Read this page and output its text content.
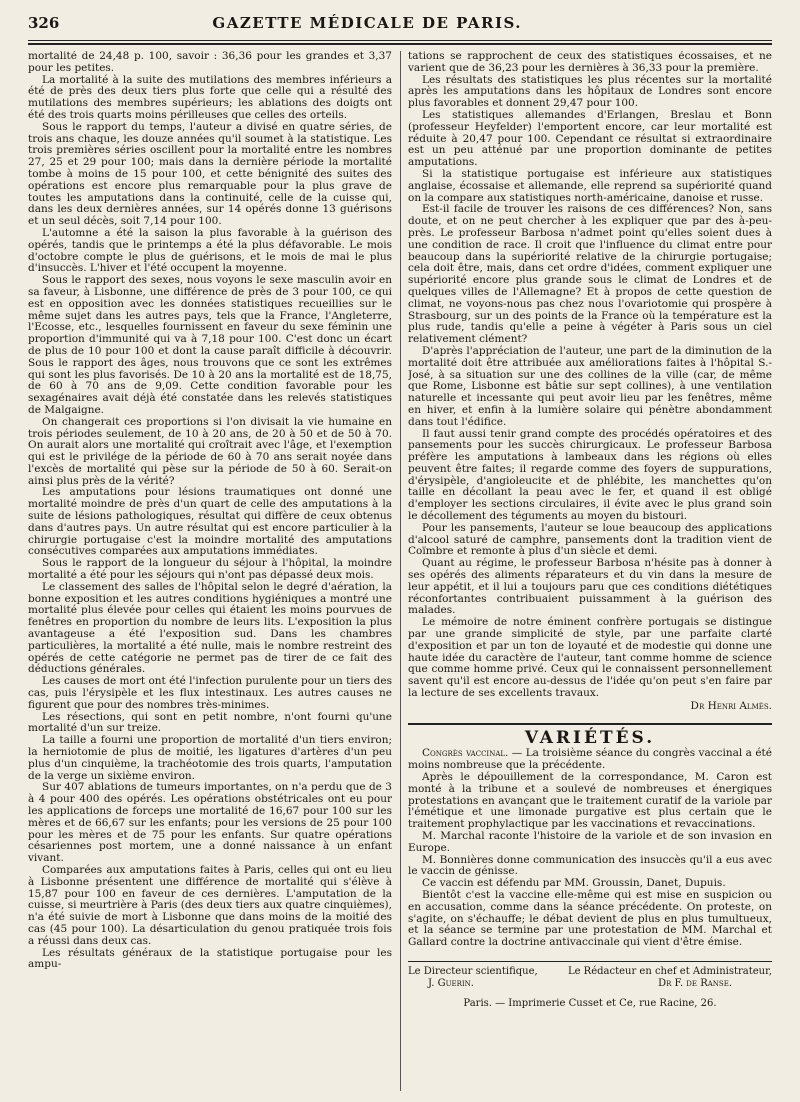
326	GAZETTE MÉDICALE DE PARIS.

mortalité de 24,48 p. 100, savoir : 36,36 pour les grandes et 3,37 pour les petites.

La mortalité à la suite des mutilations des membres inférieurs a été de près des deux tiers plus forte que celle qui a résulté des mutilations des membres supérieurs; les ablations des doigts ont été des trois quarts moins périlleuses que celles des orteils.

Sous le rapport du temps, l'auteur a divisé en quatre séries, de trois ans chaque, les douze années qu'il soumet à la statistique. Les trois premières séries oscillent pour la mortalité entre les nombres 27, 25 et 29 pour 100; mais dans la dernière période la mortalité tombe à moins de 15 pour 100, et cette bénignité des suites des opérations est encore plus remarquable pour la plus grave de toutes les amputations dans la continuité, celle de la cuisse qui, dans les deux dernières années, sur 14 opérés donne 13 guérisons et un seul décès, soit 7,14 pour 100.

L'automne a été la saison la plus favorable à la guérison des opérés, tandis que le printemps a été la plus défavorable. Le mois d'octobre compte le plus de guérisons, et le mois de mai le plus d'insuccès. L'hiver et l'été occupent la moyenne.

Sous le rapport des sexes, nous voyons le sexe masculin avoir en sa faveur, à Lisbonne, une différence de près de 3 pour 100, ce qui est en opposition avec les données statistiques recueillies sur le même sujet dans les autres pays, tels que la France, l'Angleterre, l'Ecosse, etc., lesquelles fournissent en faveur du sexe féminin une proportion d'immunité qui va à 7,18 pour 100. C'est donc un écart de plus de 10 pour 100 et dont la cause paraît difficile à découvrir. Sous le rapport des âges, nous trouvons que ce sont les extrêmes qui sont les plus favorisés. De 10 à 20 ans la mortalité est de 18,75, de 60 à 70 ans de 9,09. Cette condition favorable pour les sexagénaires avait déjà été constatée dans les relevés statistiques de Malgaigne.

On changerait ces proportions si l'on divisait la vie humaine en trois périodes seulement, de 10 à 20 ans, de 20 à 50 et de 50 à 70. On aurait alors une mortalité qui croîtrait avec l'âge, et l'exemption qui est le privilége de la période de 60 à 70 ans serait noyée dans l'excès de mortalité qui pèse sur la période de 50 à 60. Serait-on ainsi plus près de la vérité?

Les amputations pour lésions traumatiques ont donné une mortalité moindre de près d'un quart de celle des amputations à la suite de lésions pathologiques, résultat qui diffère de ceux obtenus dans d'autres pays. Un autre résultat qui est encore particulier à la chirurgie portugaise c'est la moindre mortalité des amputations consécutives comparées aux amputations immédiates.

Sous le rapport de la longueur du séjour à l'hôpital, la moindre mortalité a été pour les séjours qui n'ont pas dépassé deux mois.

Le classement des salles de l'hôpital selon le degré d'aération, la bonne exposition et les autres conditions hygiéniques a montré une mortalité plus élevée pour celles qui étaient les moins pourvues de fenêtres en proportion du nombre de leurs lits. L'exposition la plus avantageuse a été l'exposition sud. Dans les chambres particulières, la mortalité a été nulle, mais le nombre restreint des opérés de cette catégorie ne permet pas de tirer de ce fait des déductions générales.

Les causes de mort ont été l'infection purulente pour un tiers des cas, puis l'érysipèle et les flux intestinaux. Les autres causes ne figurent que pour des nombres très-minimes.

Les résections, qui sont en petit nombre, n'ont fourni qu'une mortalité d'un sur treize.

La taille a fourni une proportion de mortalité d'un tiers environ; la herniotomie de plus de moitié, les ligatures d'artères d'un peu plus d'un cinquième, la trachéotomie des trois quarts, l'amputation de la verge un sixième environ.

Sur 407 ablations de tumeurs importantes, on n'a perdu que de 3 à 4 pour 400 des opérés. Les opérations obstétricales ont eu pour les applications de forceps une mortalité de 16,67 pour 100 sur les mères et de 66,67 sur les enfants; pour les versions de 25 pour 100 pour les mères et de 75 pour les enfants. Sur quatre opérations césariennes post mortem, une a donné naissance à un enfant vivant.

Comparées aux amputations faites à Paris, celles qui ont eu lieu à Lisbonne présentent une différence de mortalité qui s'élève à 15,87 pour 100 en faveur de ces dernières. L'amputation de la cuisse, si meurtrière à Paris (des deux tiers aux quatre cinquièmes), n'a été suivie de mort à Lisbonne que dans moins de la moitié des cas (45 pour 100). La désarticulation du genou pratiquée trois fois a réussi dans deux cas.

Les résultats généraux de la statistique portugaise pour les ampu-

tations se rapprochent de ceux des statistiques écossaises, et ne varient que de 36,23 pour les dernières à 36,33 pour la première.

Les résultats des statistiques les plus récentes sur la mortalité après les amputations dans les hôpitaux de Londres sont encore plus favorables et donnent 29,47 pour 100.

Les statistiques allemandes d'Erlangen, Breslau et Bonn (professeur Heyfelder) l'emportent encore, car leur mortalité est réduite à 20,47 pour 100. Cependant ce résultat si extraordinaire est un peu atténué par une proportion dominante de petites amputations.

Si la statistique portugaise est inférieure aux statistiques anglaise, écossaise et allemande, elle reprend sa supériorité quand on la compare aux statistiques north-américaine, danoise et russe.

Est-il facile de trouver les raisons de ces différences? Non, sans doute, et on ne peut chercher à les expliquer que par des à-peu-près. Le professeur Barbosa n'admet point qu'elles soient dues à une condition de race. Il croit que l'influence du climat entre pour beaucoup dans la supériorité relative de la chirurgie portugaise; cela doit être, mais, dans cet ordre d'idées, comment expliquer une supériorité encore plus grande sous le climat de Londres et de quelques villes de l'Allemagne? Et à propos de cette question de climat, ne voyons-nous pas chez nous l'ovariotomie qui prospère à Strasbourg, sur un des points de la France où la température est la plus rude, tandis qu'elle a peine à végéter à Paris sous un ciel relativement clément?

D'après l'appréciation de l'auteur, une part de la diminution de la mortalité doit être attribuée aux améliorations faites à l'hôpital S.-José, à sa situation sur une des collines de la ville (car, de même que Rome, Lisbonne est bâtie sur sept collines), à une ventilation naturelle et incessante qui peut avoir lieu par les fenêtres, même en hiver, et enfin à la lumière solaire qui pénètre abondamment dans tout l'édifice.

Il faut aussi tenir grand compte des procédés opératoires et des pansements pour les succès chirurgicaux. Le professeur Barbosa préfère les amputations à lambeaux dans les régions où elles peuvent être faites; il regarde comme des foyers de suppurations, d'érysipèle, d'angioleucite et de phlébite, les manchettes qu'on taille en décollant la peau avec le fer, et quand il est obligé d'employer les sections circulaires, il évite avec le plus grand soin le décollement des téguments au moyen du bistouri.

Pour les pansements, l'auteur se loue beaucoup des applications d'alcool saturé de camphre, pansements dont la tradition vient de Coïmbre et remonte à plus d'un siècle et demi.

Quant au régime, le professeur Barbosa n'hésite pas à donner à ses opérés des aliments réparateurs et du vin dans la mesure de leur appétit, et il lui a toujours paru que ces conditions diététiques réconfortantes contribuaient puissamment à la guérison des malades.

Le mémoire de notre éminent confrère portugais se distingue par une grande simplicité de style, par une parfaite clarté d'exposition et par un ton de loyauté et de modestie qui donne une haute idée du caractère de l'auteur, tant comme homme de science que comme homme privé. Ceux qui le connaissent personnellement savent qu'il est encore au-dessus de l'idée qu'on peut s'en faire par la lecture de ses excellents travaux.

Dr Henri Almès.
VARIÉTÉS.

Congrès vaccinal. — La troisième séance du congrès vaccinal a été moins nombreuse que la précédente.

Après le dépouillement de la correspondance, M. Caron est monté à la tribune et a soulevé de nombreuses et énergiques protestations en avançant que le traitement curatif de la variole par l'émétique et une limonade purgative est plus certain que le traitement prophylactique par les vaccinations et revaccinations.

M. Marchal raconte l'histoire de la variole et de son invasion en Europe.

M. Bonnières donne communication des insuccès qu'il a eus avec le vaccin de génisse.

Ce vaccin est défendu par MM. Groussin, Danet, Dupuis.

Bientôt c'est la vaccine elle-même qui est mise en suspicion ou en accusation, comme dans la séance précédente. On proteste, on s'agite, on s'échauffe; le débat devient de plus en plus tumultueux, et la séance se termine par une protestation de MM. Marchal et Gallard contre la doctrine antivaccinale qui vient d'être émise.

Le Directeur scientifique,	Le Rédacteur en chef et Administrateur,
J. Guerin.	Dr F. de Ranse.
Paris. — Imprimerie Cusset et Ce, rue Racine, 26.
